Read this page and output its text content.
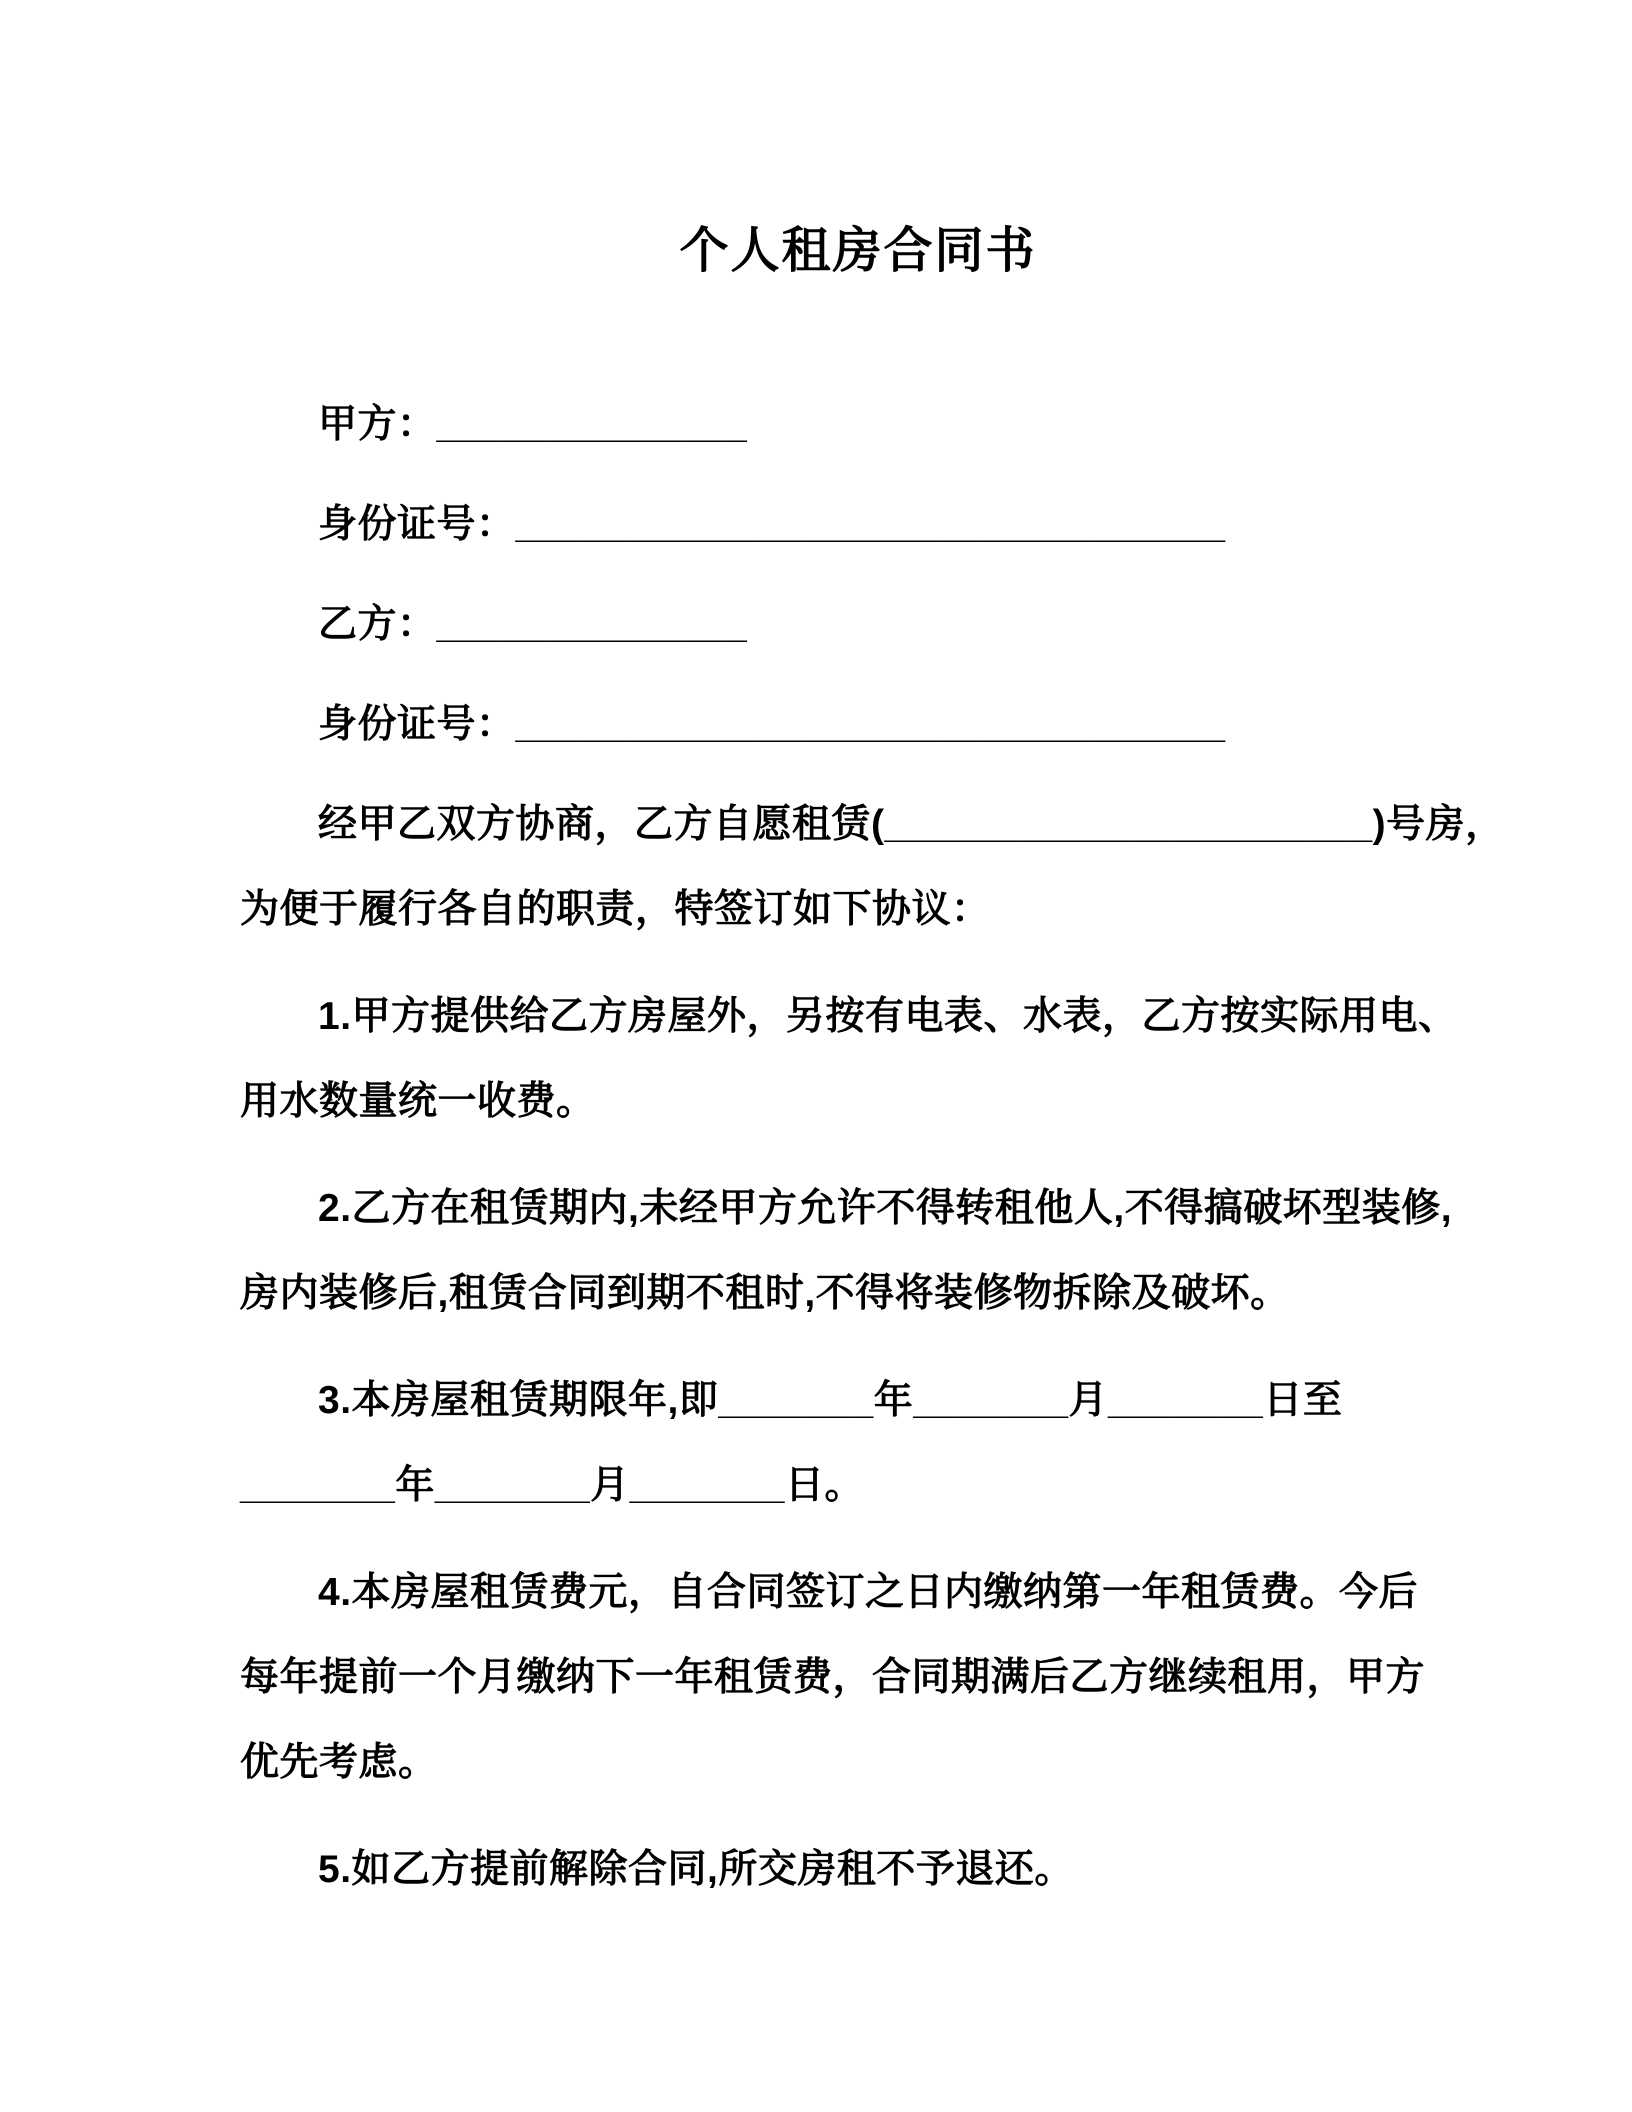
个人租房合同书

甲方：______________

身份证号：________________________________

乙方：______________

身份证号：________________________________

经甲乙双方协商，乙方自愿租赁(______________________)号房，
为便于履行各自的职责，特签订如下协议：
1.甲方提供给乙方房屋外，另按有电表、水表，乙方按实际用电、
用水数量统一收费。
2.乙方在租赁期内,未经甲方允许不得转租他人,不得搞破坏型装修,
房内装修后,租赁合同到期不租时,不得将装修物拆除及破坏。
3.本房屋租赁期限年,即_______年_______月_______日至
_______年_______月_______日。
4.本房屋租赁费元，自合同签订之日内缴纳第一年租赁费。今后
每年提前一个月缴纳下一年租赁费，合同期满后乙方继续租用，甲方
优先考虑。
5.如乙方提前解除合同,所交房租不予退还。
